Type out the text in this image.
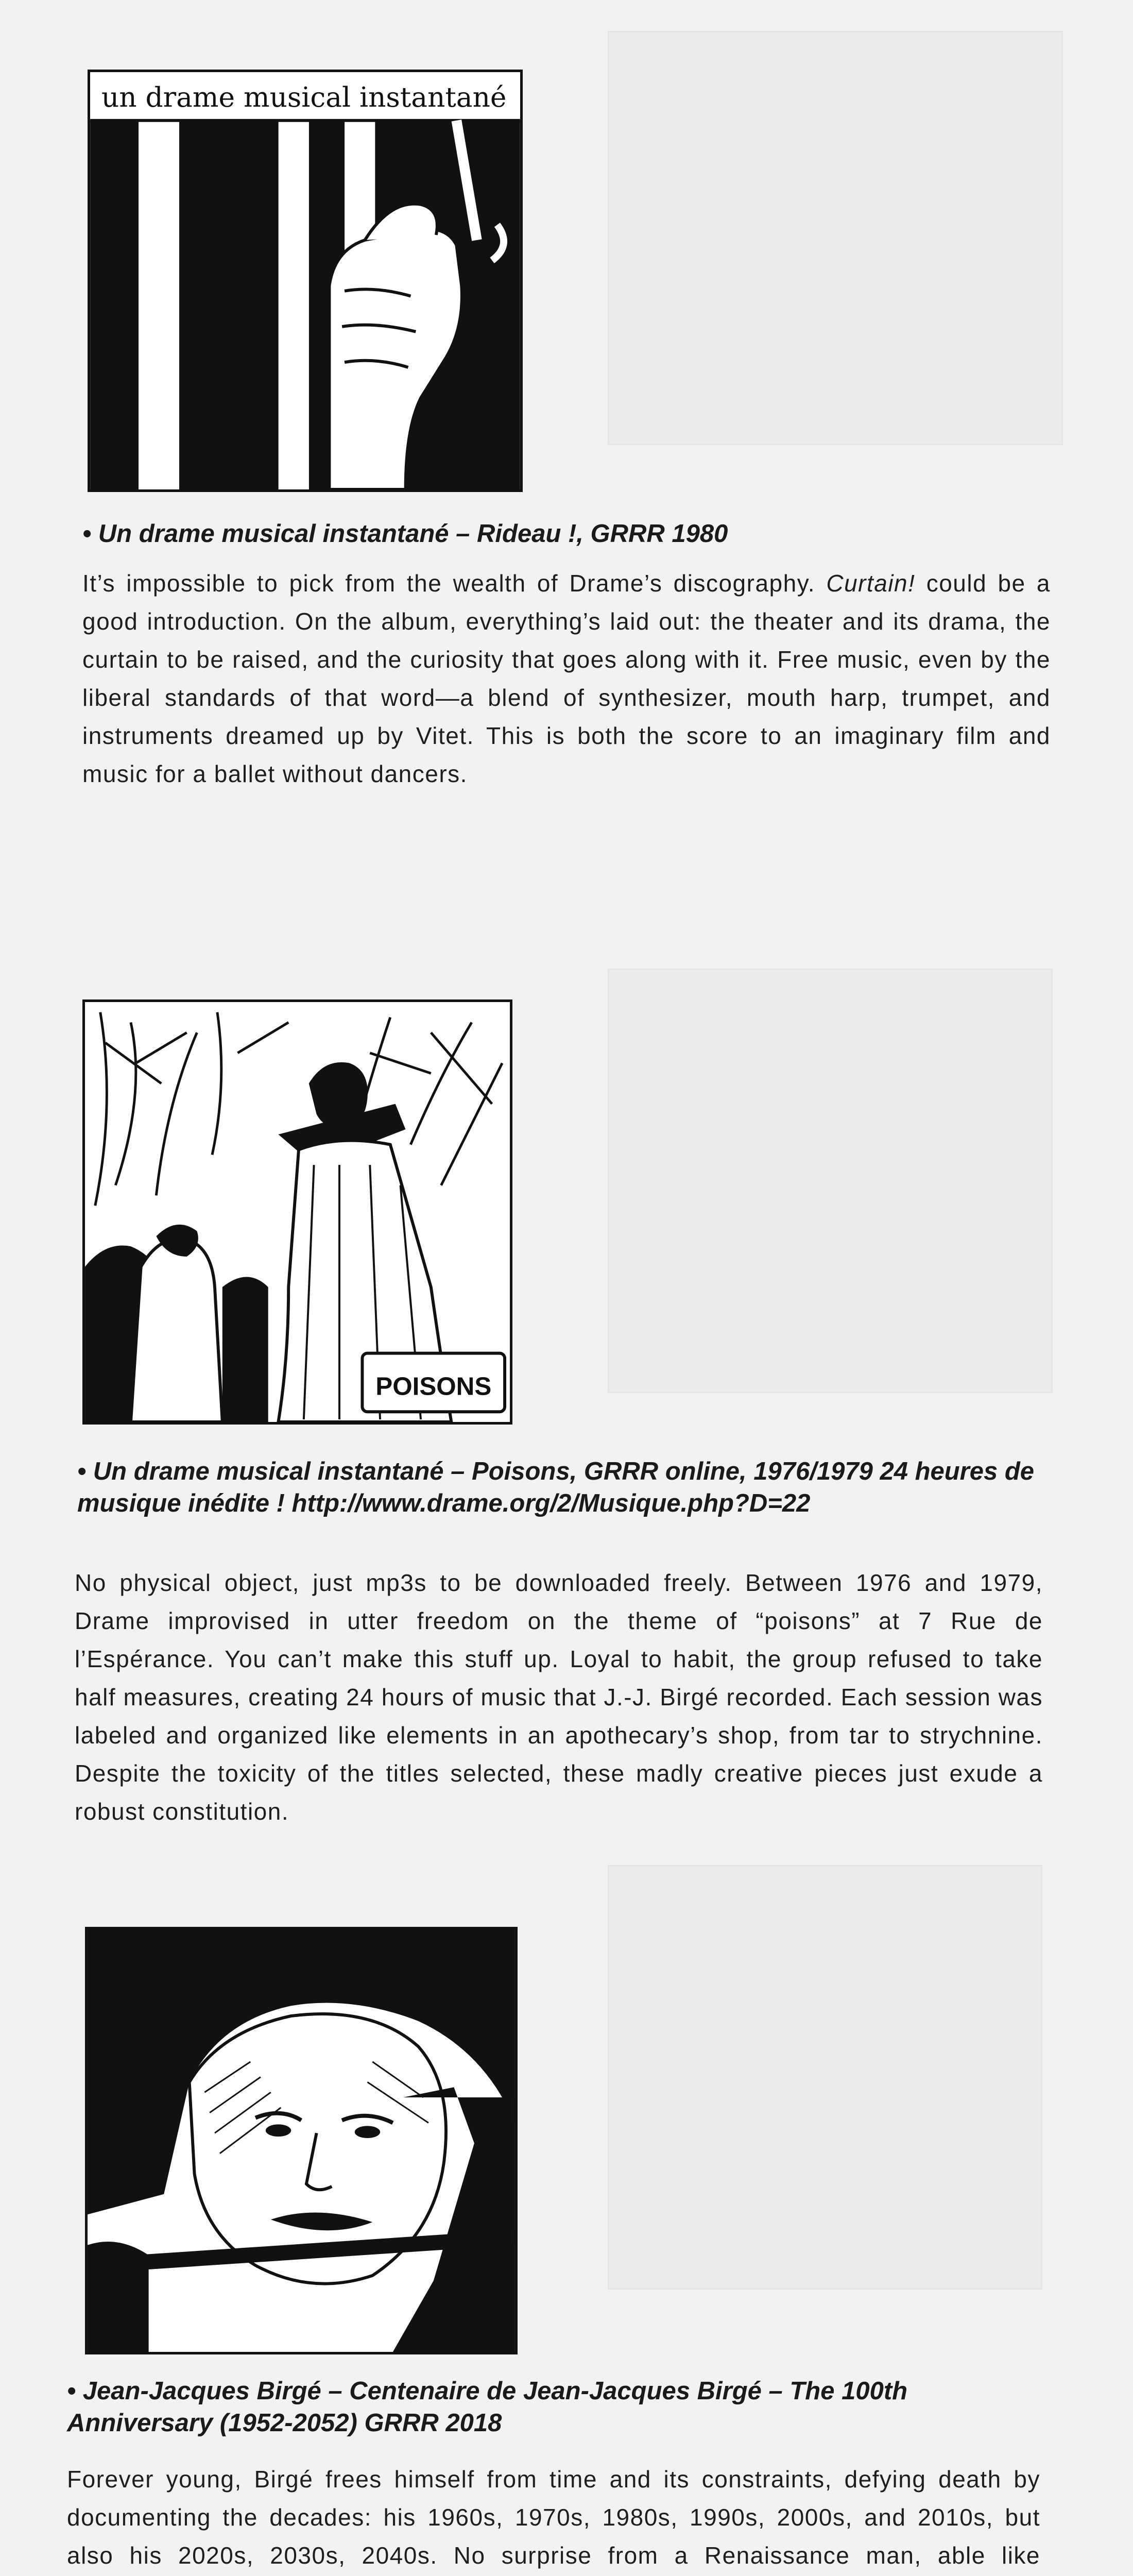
un drame musical instantané

• Un drame musical instantané – Rideau !, GRRR 1980

It’s impossible to pick from the wealth of Drame’s discography. Curtain! could be a good introduction. On the album, everything’s laid out: the theater and its drama, the curtain to be raised, and the curiosity that goes along with it. Free music, even by the liberal standards of that word—a blend of synthesizer, mouth harp, trumpet, and instruments dreamed up by Vitet. This is both the score to an imaginary film and music for a ballet without dancers.

POISONS

• Un drame musical instantané – Poisons, GRRR online, 1976/1979 24 heures de musique inédite ! http://www.drame.org/2/Musique.php?D=22

No physical object, just mp3s to be downloaded freely. Between 1976 and 1979, Drame improvised in utter freedom on the theme of “poisons” at 7 Rue de l’Espérance. You can’t make this stuff up. Loyal to habit, the group refused to take half measures, creating 24 hours of music that J.-J. Birgé recorded. Each session was labeled and organized like elements in an apothecary’s shop, from tar to strychnine. Despite the toxicity of the titles selected, these madly creative pieces just exude a robust constitution.

• Jean-Jacques Birgé – Centenaire de Jean-Jacques Birgé – The 100th Anniversary (1952-2052) GRRR 2018

Forever young, Birgé frees himself from time and its constraints, defying death by documenting the decades: his 1960s, 1970s, 1980s, 1990s, 2000s, and 2010s, but also his 2020s, 2030s, 2040s. No surprise from a Renaissance man, able like
